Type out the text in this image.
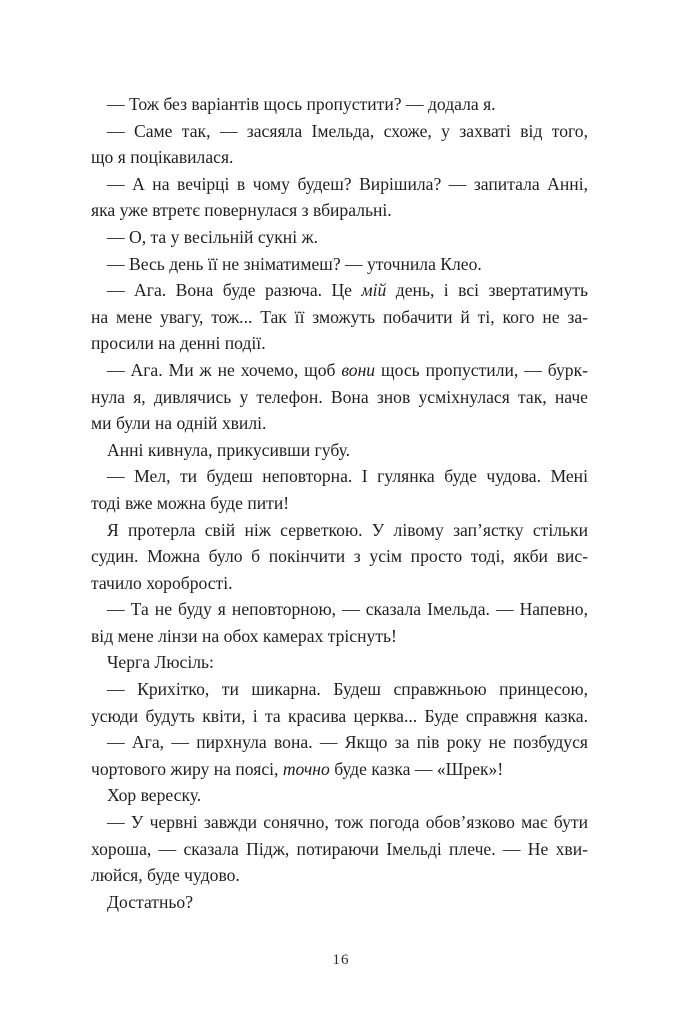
— Тож без варіантів щось пропустити? — додала я.
— Саме так, — засяяла Імельда, схоже, у захваті від того,
що я поцікавилася.
— А на вечірці в чому будеш? Вирішила? — запитала Анні,
яка уже втретє повернулася з вбиральні.
— О, та у весільній сукні ж.
— Весь день її не зніматимеш? — уточнила Клео.
— Ага. Вона буде разюча. Це мій день, і всі звертатимуть
на мене увагу, тож... Так її зможуть побачити й ті, кого не за-
просили на денні події.
— Ага. Ми ж не хочемо, щоб вони щось пропустили, — бурк-
нула я, дивлячись у телефон. Вона знов усміхнулася так, наче
ми були на одній хвилі.
Анні кивнула, прикусивши губу.
— Мел, ти будеш неповторна. І гулянка буде чудова. Мені
тоді вже можна буде пити!
Я протерла свій ніж серветкою. У лівому зап’ястку стільки
судин. Можна було б покінчити з усім просто тоді, якби вис-
тачило хоробрості.
— Та не буду я неповторною, — сказала Імельда. — Напевно,
від мене лінзи на обох камерах тріснуть!
Черга Люсіль:
— Крихітко, ти шикарна. Будеш справжньою принцесою,
усюди будуть квіти, і та красива церква... Буде справжня казка.
— Ага, — пирхнула вона. — Якщо за пів року не позбудуся
чортового жиру на поясі, точно буде казка — «Шрек»!
Хор вереску.
— У червні завжди сонячно, тож погода обов’язково має бути
хороша, — сказала Підж, потираючи Імельді плече. — Не хви-
люйся, буде чудово.
Достатньо?
16
